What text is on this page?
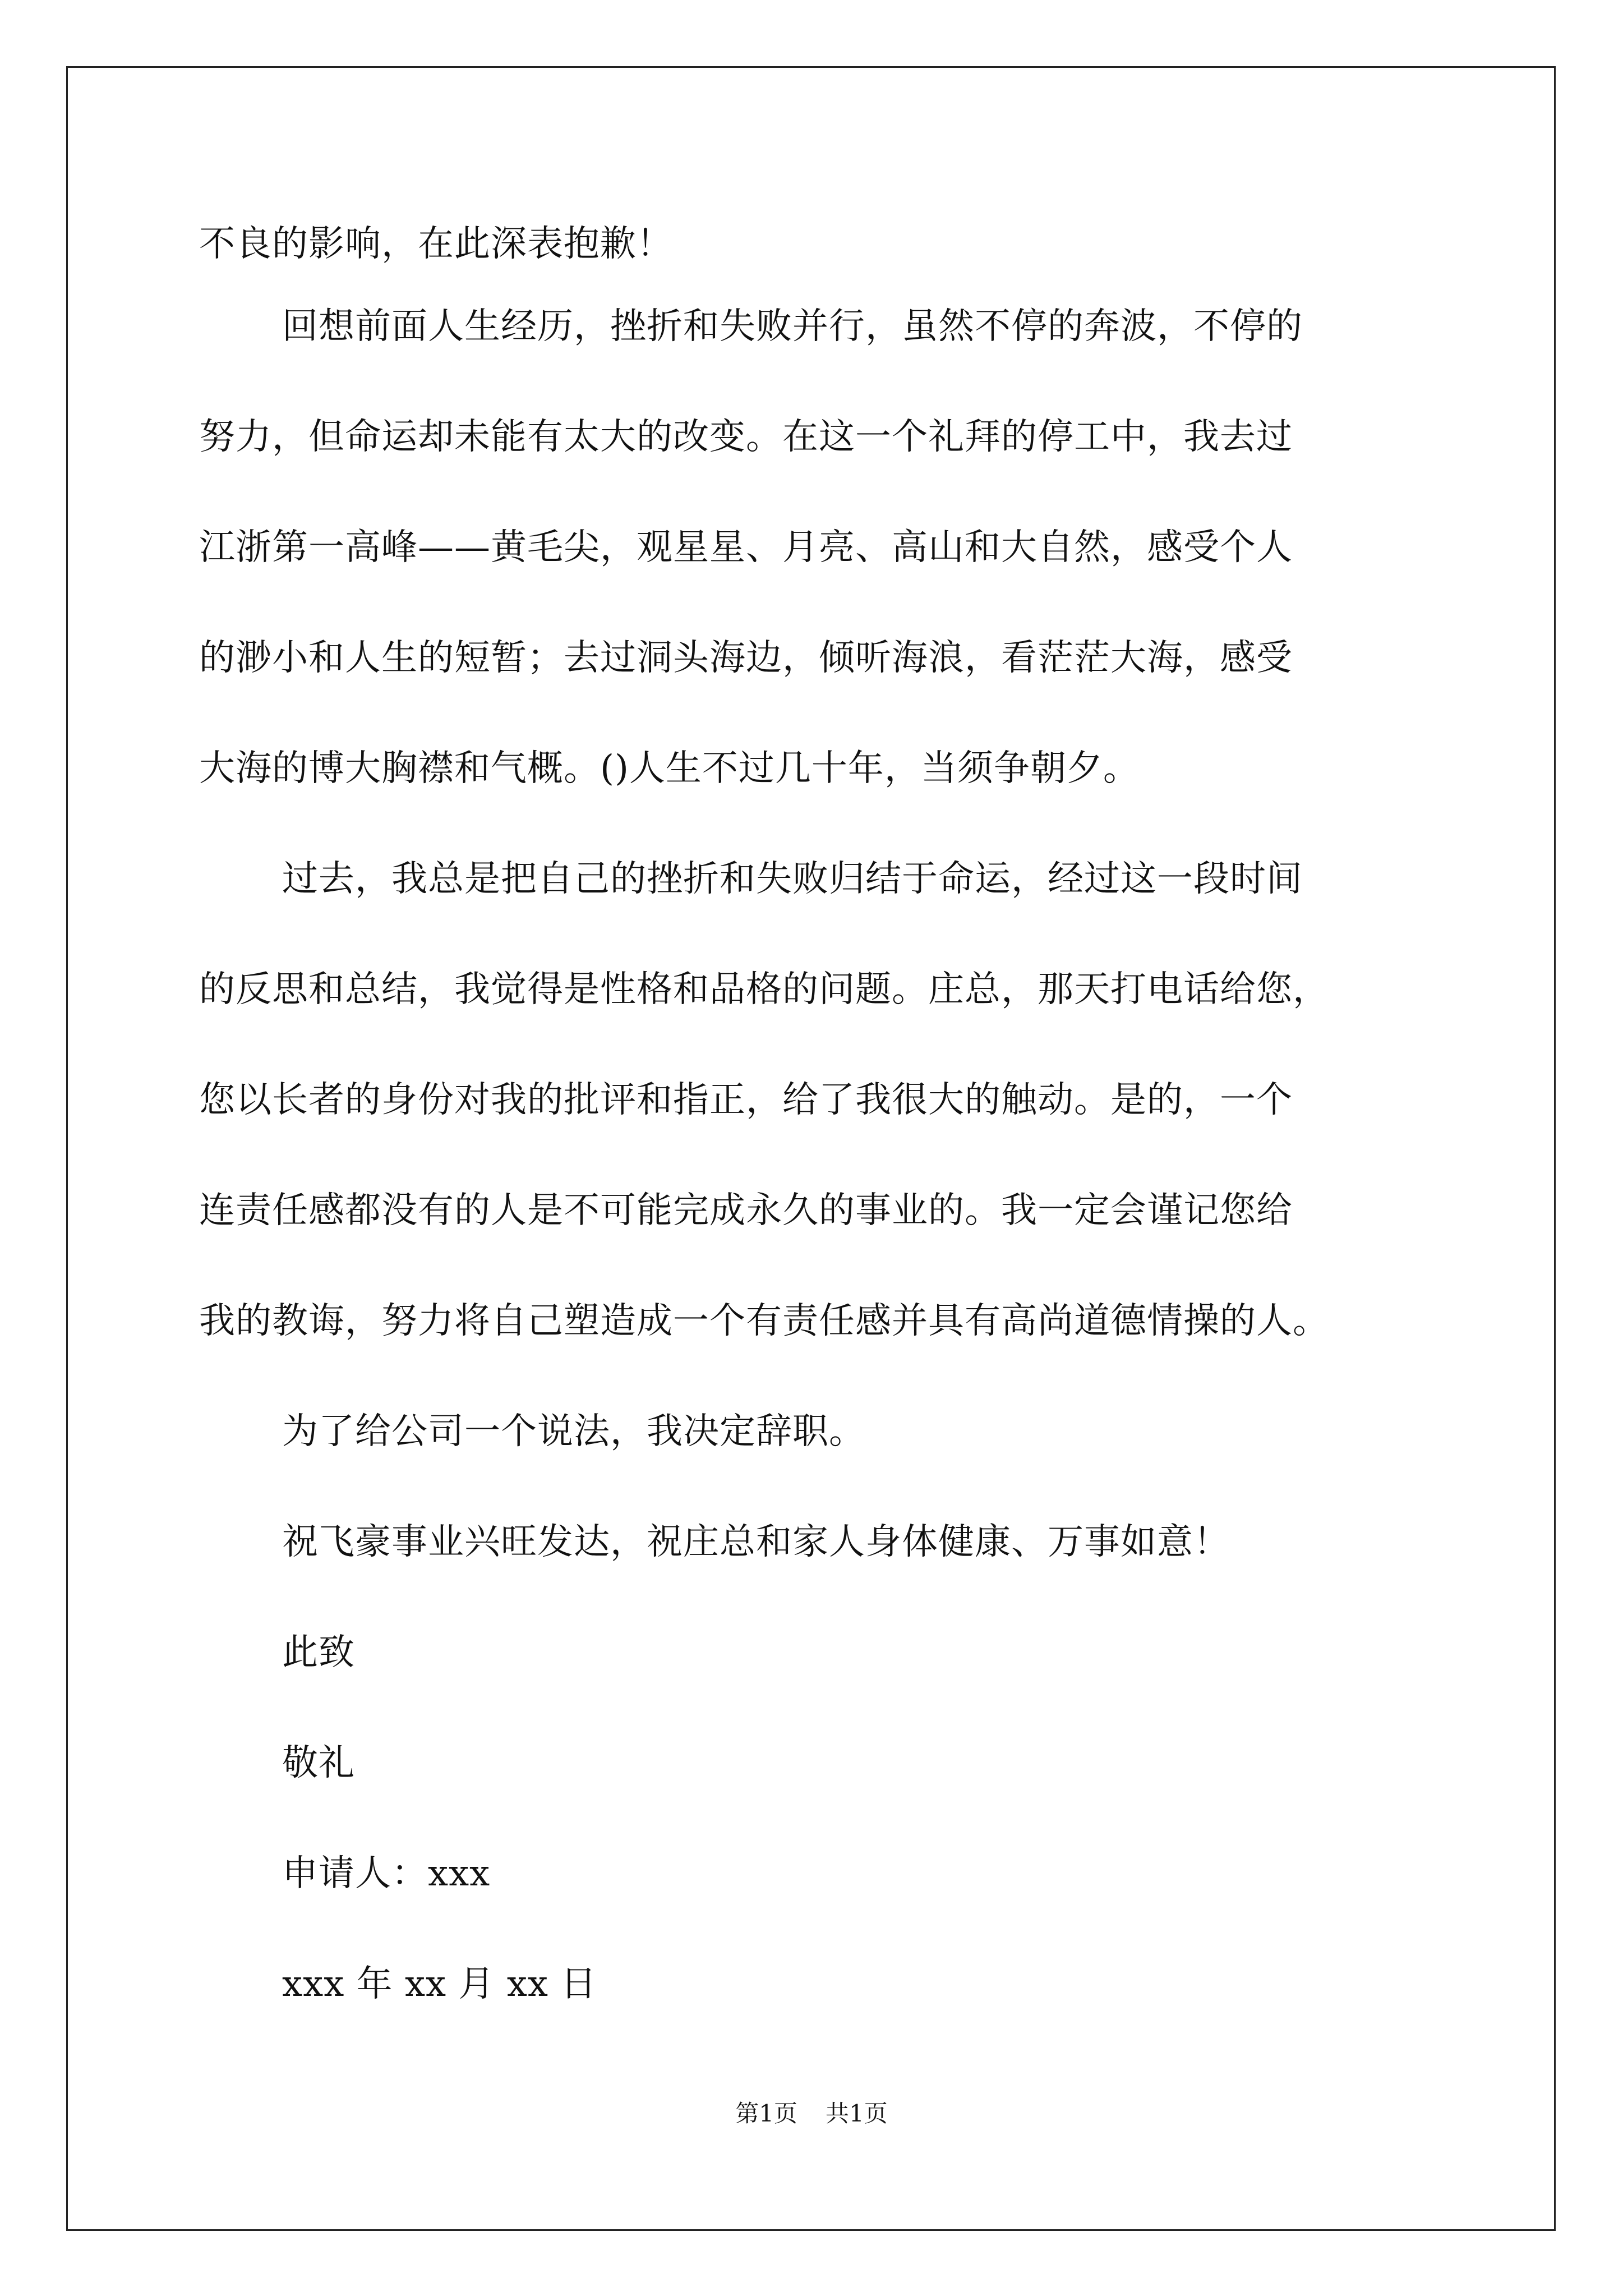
不良的影响，在此深表抱歉！
回想前面人生经历，挫折和失败并行，虽然不停的奔波，不停的
努力，但命运却未能有太大的改变。在这一个礼拜的停工中，我去过
江浙第一高峰——黄毛尖，观星星、月亮、高山和大自然，感受个人
的渺小和人生的短暂；去过洞头海边，倾听海浪，看茫茫大海，感受
大海的博大胸襟和气概。()人生不过几十年，当须争朝夕。
过去，我总是把自己的挫折和失败归结于命运，经过这一段时间
的反思和总结，我觉得是性格和品格的问题。庄总，那天打电话给您，
您以长者的身份对我的批评和指正，给了我很大的触动。是的，一个
连责任感都没有的人是不可能完成永久的事业的。我一定会谨记您给
我的教诲，努力将自己塑造成一个有责任感并具有高尚道德情操的人。
为了给公司一个说法，我决定辞职。
祝飞豪事业兴旺发达，祝庄总和家人身体健康、万事如意！
此致
敬礼
申请人：xxx
xxx 年 xx 月 xx 日
第1页 共1页
